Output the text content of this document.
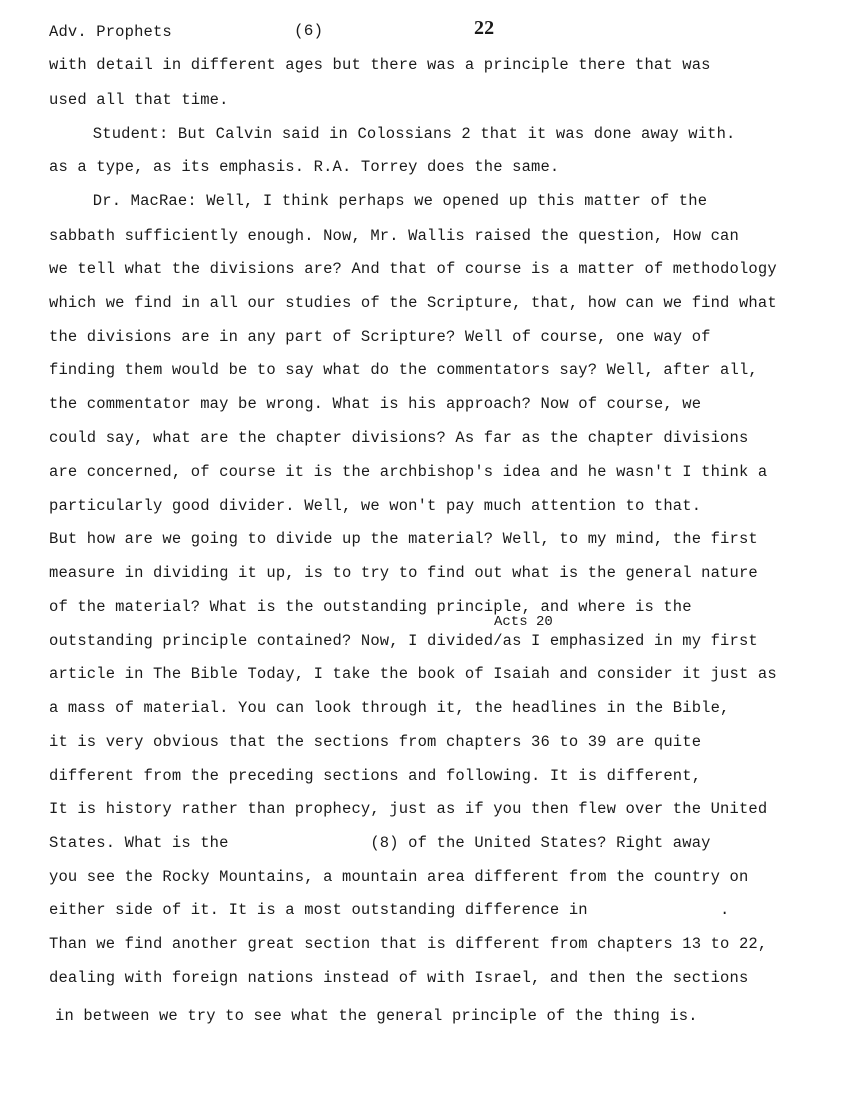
Adv. Prophets	(6)	22
with detail in different ages but there was a principle there that was
used all that time.
Student: But Calvin said in Colossians 2 that it was done away with.
as a type, as its emphasis. R.A. Torrey does the same.
Dr. MacRae: Well, I think perhaps we opened up this matter of the
sabbath sufficiently enough. Now, Mr. Wallis raised the question, How can
we tell what the divisions are? And that of course is a matter of methodology
which we find in all our studies of the Scripture, that, how can we find what
the divisions are in any part of Scripture? Well of course, one way of
finding them would be to say what do the commentators say? Well, after all,
the commentator may be wrong. What is his approach? Now of course, we
could say, what are the chapter divisions? As far as the chapter divisions
are concerned, of course it is the archbishop's idea and he wasn't I think a
particularly good divider. Well, we won't pay much attention to that.
But how are we going to divide up the material? Well, to my mind, the first
measure in dividing it up, is to try to find out what is the general nature
of the material? What is the outstanding principle, and where is the
Acts 20
outstanding principle contained? Now, I divided/as I emphasized in my first
article in The Bible Today, I take the book of Isaiah and consider it just as
a mass of material. You can look through it, the headlines in the Bible,
it is very obvious that the sections from chapters 36 to 39 are quite
different from the preceding sections and following. It is different,
It is history rather than prophecy, just as if you then flew over the United
States. What is the               (8) of the United States? Right away
you see the Rocky Mountains, a mountain area different from the country on
either side of it. It is a most outstanding difference in              .
Than we find another great section that is different from chapters 13 to 22,
dealing with foreign nations instead of with Israel, and then the sections
in between we try to see what the general principle of the thing is.
